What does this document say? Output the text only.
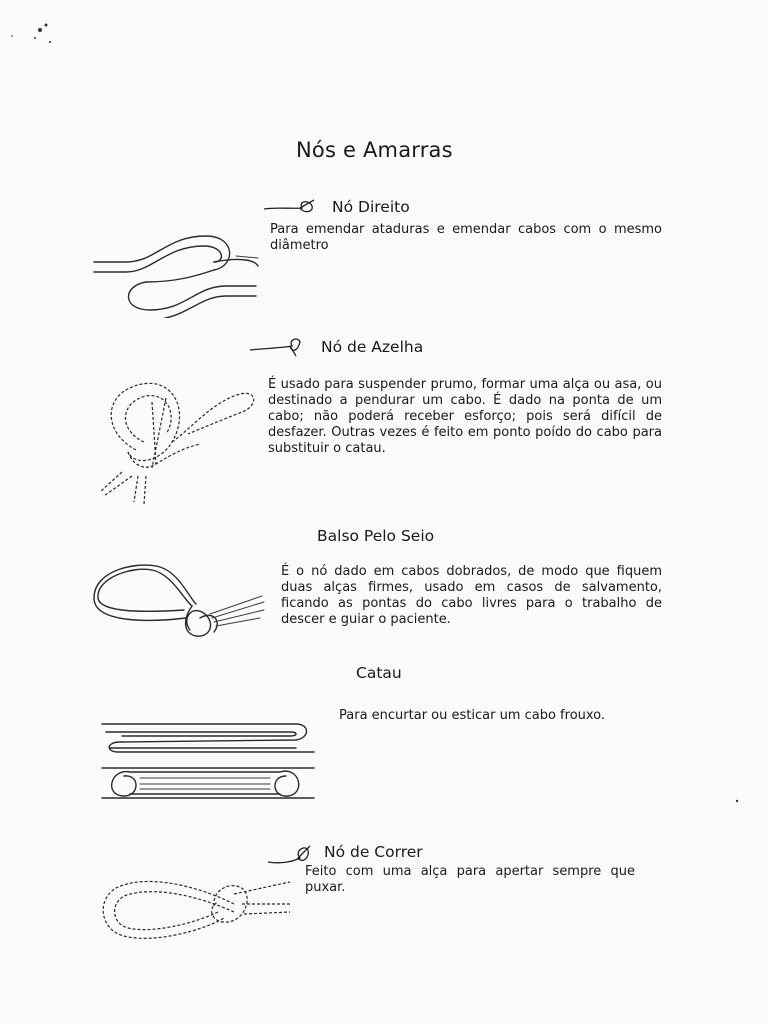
Nós e Amarras
Nó Direito
Para emendar ataduras e emendar cabos com o mesmo diâmetro
Nó de Azelha
É usado para suspender prumo, formar uma alça ou asa, ou destinado a pendurar um cabo. É dado na ponta de um cabo; não poderá receber esforço; pois será difícil de desfazer. Outras vezes é feito em ponto poído do cabo para substituir o catau.
Balso Pelo Seio
É o nó dado em cabos dobrados, de modo que fiquem duas alças firmes, usado em casos de salvamento, ficando as pontas do cabo livres para o trabalho de descer e guiar o paciente.
Catau
Para encurtar ou esticar um cabo frouxo.
Nó de Correr
Feito com uma alça para apertar sempre que puxar.
